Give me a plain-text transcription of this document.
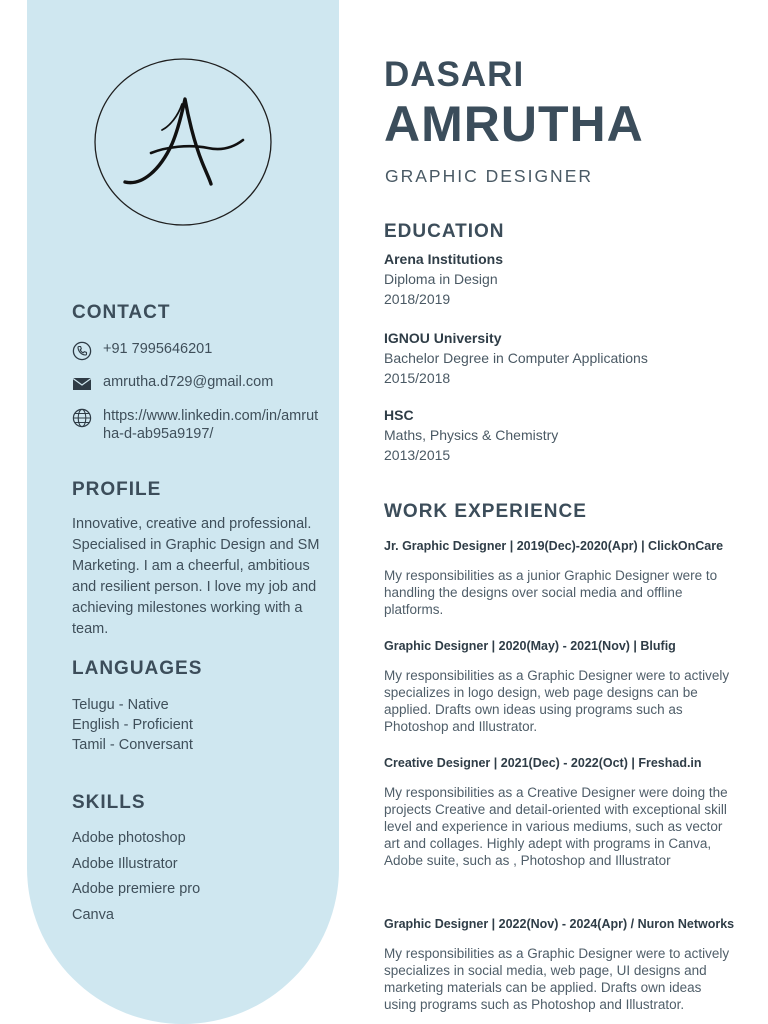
CONTACT
+91 7995646201
amrutha.d729@gmail.com
https://www.linkedin.com/in/amrutha-d-ab95a9197/
PROFILE

Innovative, creative and professional. Specialised in Graphic Design and SM Marketing. I am a cheerful, ambitious and resilient person. I love my job and achieving milestones working with a team.

LANGUAGES
Telugu - Native
English - Proficient
Tamil - Conversant
SKILLS
Adobe photoshop
Adobe Illustrator
Adobe premiere pro
Canva
DASARI
AMRUTHA

GRAPHIC DESIGNER

EDUCATION
Arena Institutions
Diploma in Design
2018/2019
IGNOU University
Bachelor Degree in Computer Applications
2015/2018
HSC
Maths, Physics & Chemistry
2013/2015
WORK EXPERIENCE
Jr. Graphic Designer | 2019(Dec)-2020(Apr) | ClickOnCare
My responsibilities as a junior Graphic Designer were to handling the designs over social media and offline platforms.
Graphic Designer | 2020(May) - 2021(Nov) | Blufig
My responsibilities as a Graphic Designer were to actively specializes in logo design, web page designs can be applied. Drafts own ideas using programs such as Photoshop and Illustrator.
Creative Designer | 2021(Dec) - 2022(Oct) | Freshad.in
My responsibilities as a Creative Designer were doing the projects Creative and detail-oriented with exceptional skill level and experience in various mediums, such as vector art and collages. Highly adept with programs in Canva, Adobe suite, such as , Photoshop and Illustrator
Graphic Designer | 2022(Nov) - 2024(Apr) / Nuron Networks
My responsibilities as a Graphic Designer were to actively specializes in social media, web page, UI designs and marketing materials can be applied. Drafts own ideas using programs such as Photoshop and Illustrator.
